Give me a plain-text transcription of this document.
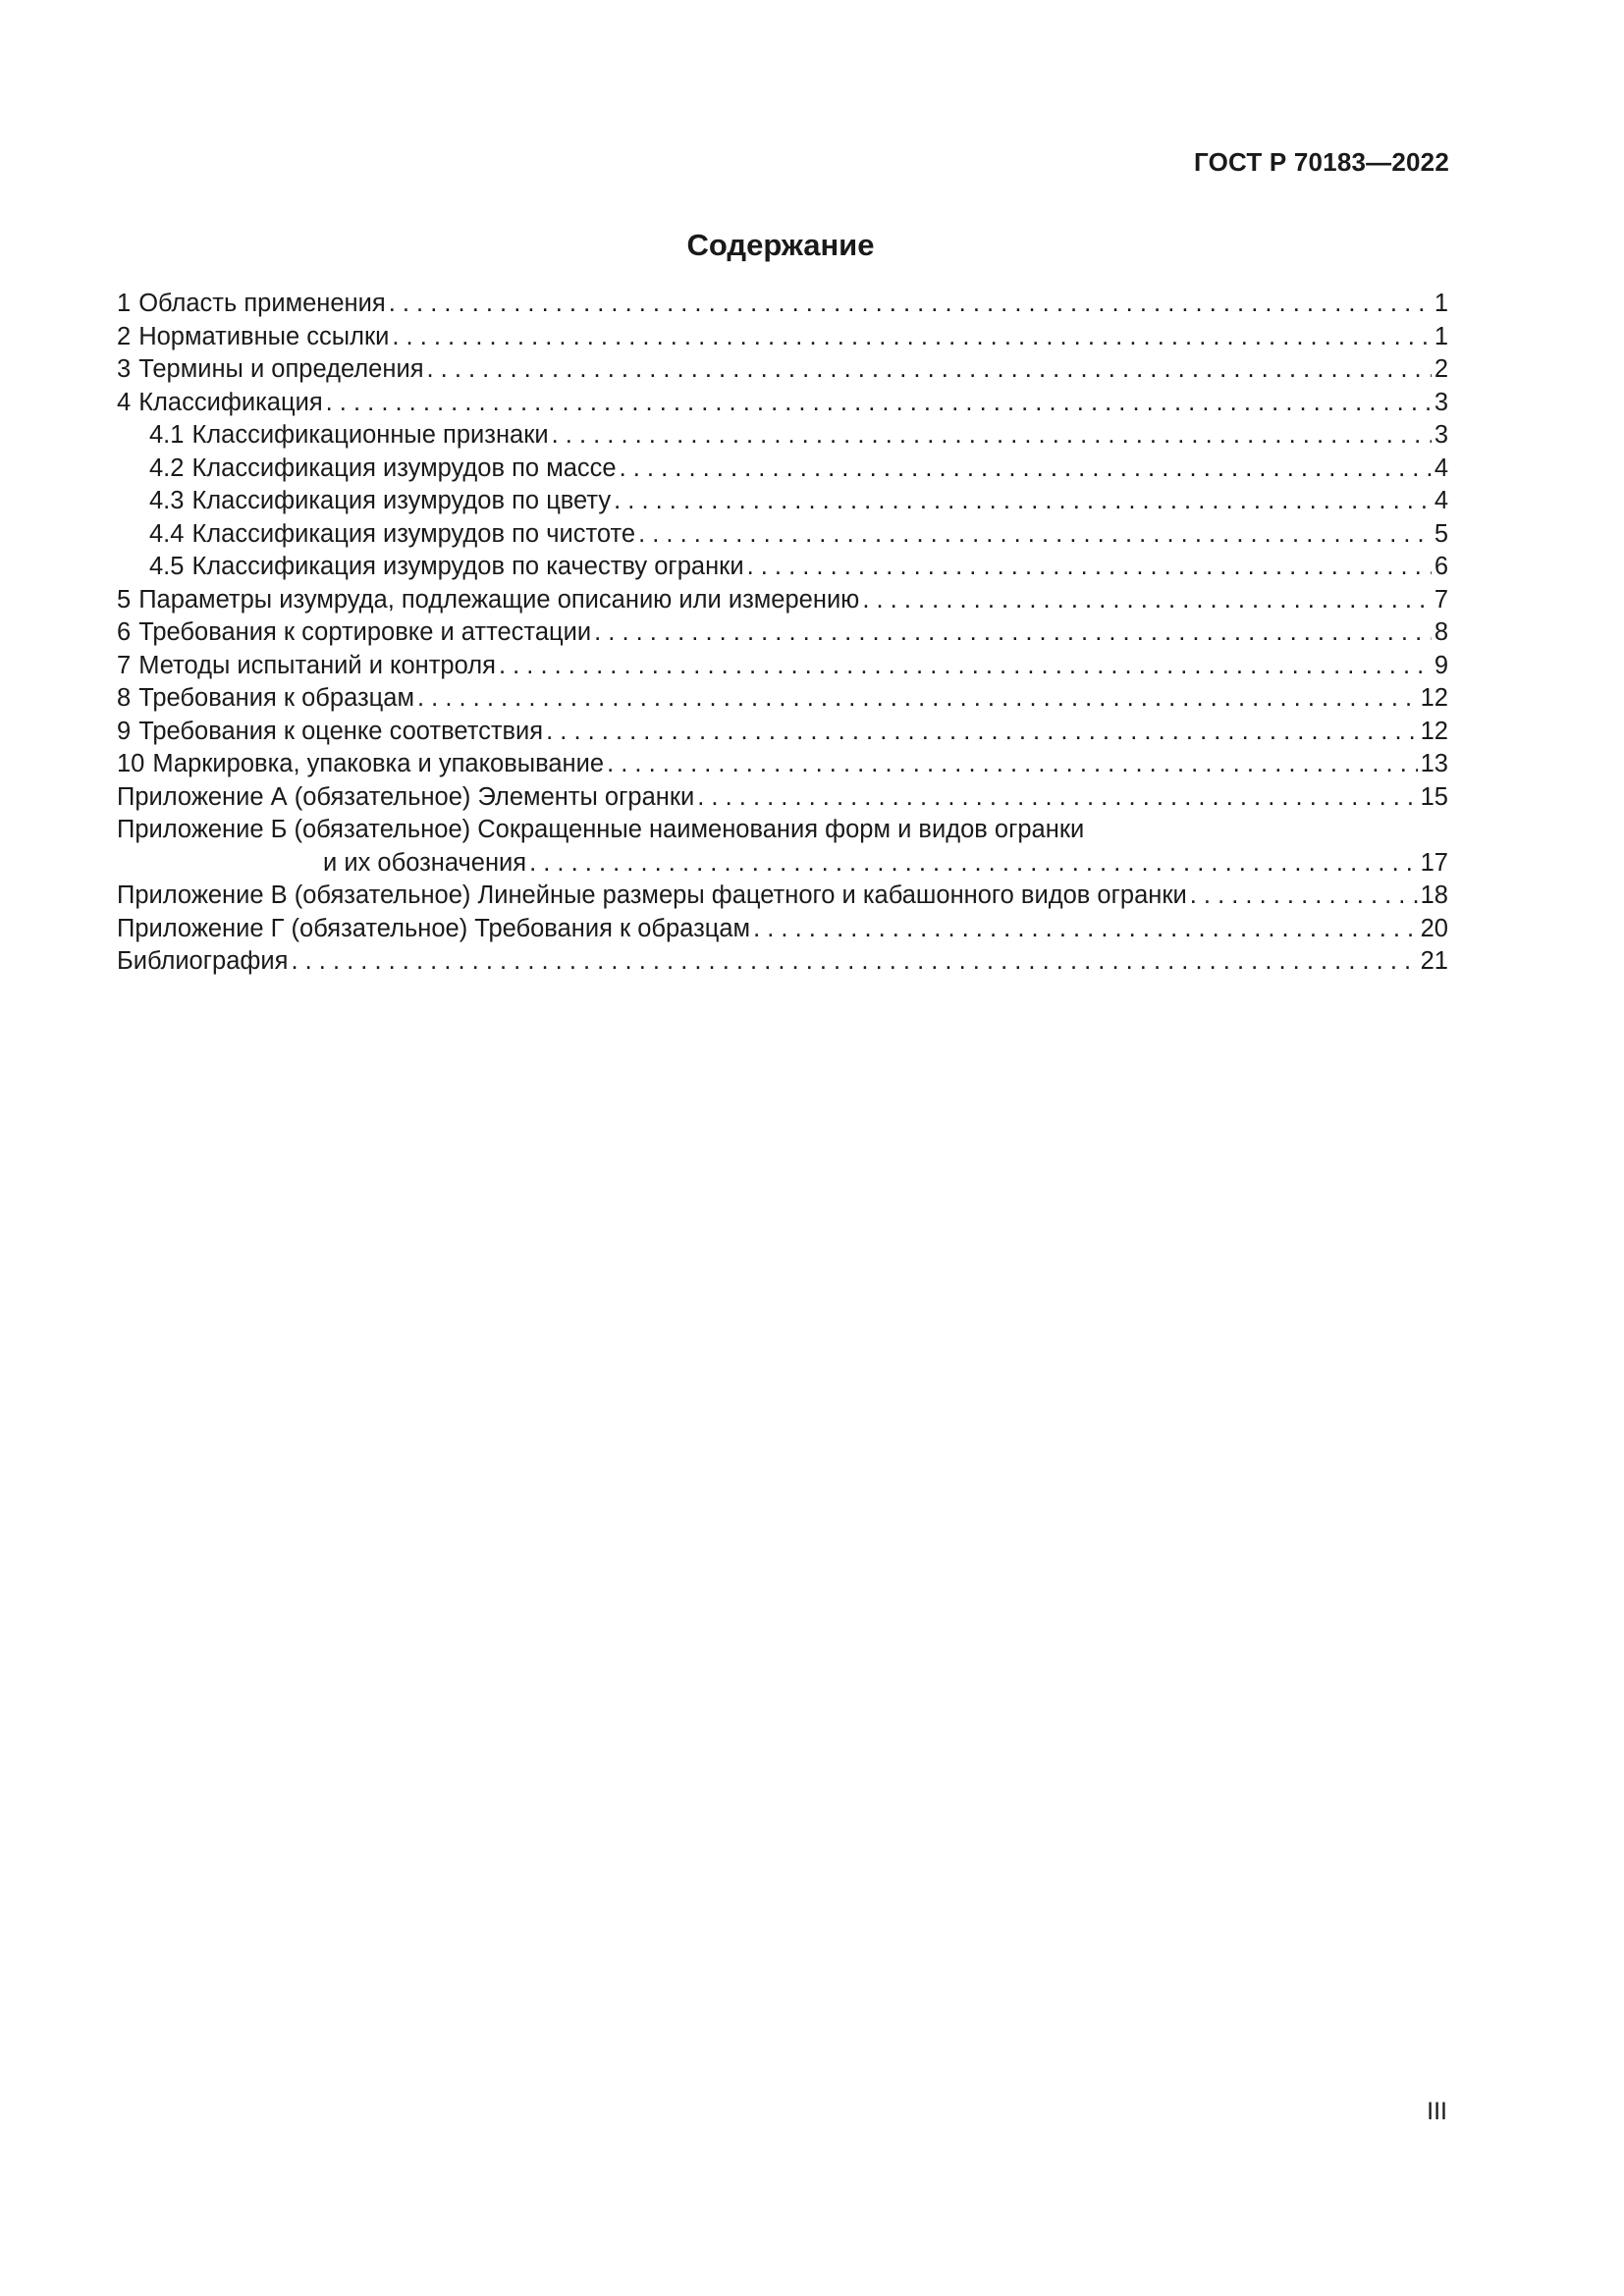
ГОСТ Р 70183—2022
Содержание
1 Область применения . . .	1
2 Нормативные ссылки . . .	1
3 Термины и определения . . .	2
4 Классификация . . .	3
4.1 Классификационные признаки . . .	3
4.2 Классификация изумрудов по массе . . .	4
4.3 Классификация изумрудов по цвету . . .	4
4.4 Классификация изумрудов по чистоте . . .	5
4.5 Классификация изумрудов по качеству огранки . . .	6
5 Параметры изумруда, подлежащие описанию или измерению . . .	7
6 Требования к сортировке и аттестации . . .	8
7 Методы испытаний и контроля . . .	9
8 Требования к образцам . . .	12
9 Требования к оценке соответствия . . .	12
10 Маркировка, упаковка и упаковывание . . .	13
Приложение А (обязательное) Элементы огранки . . .	15
Приложение Б (обязательное) Сокращенные наименования форм и видов огранки
и их обозначения . . .	17
Приложение В (обязательное) Линейные размеры фацетного и кабашонного видов огранки . . .	18
Приложение Г (обязательное) Требования к образцам . . .	20
Библиография . . .	21
III
